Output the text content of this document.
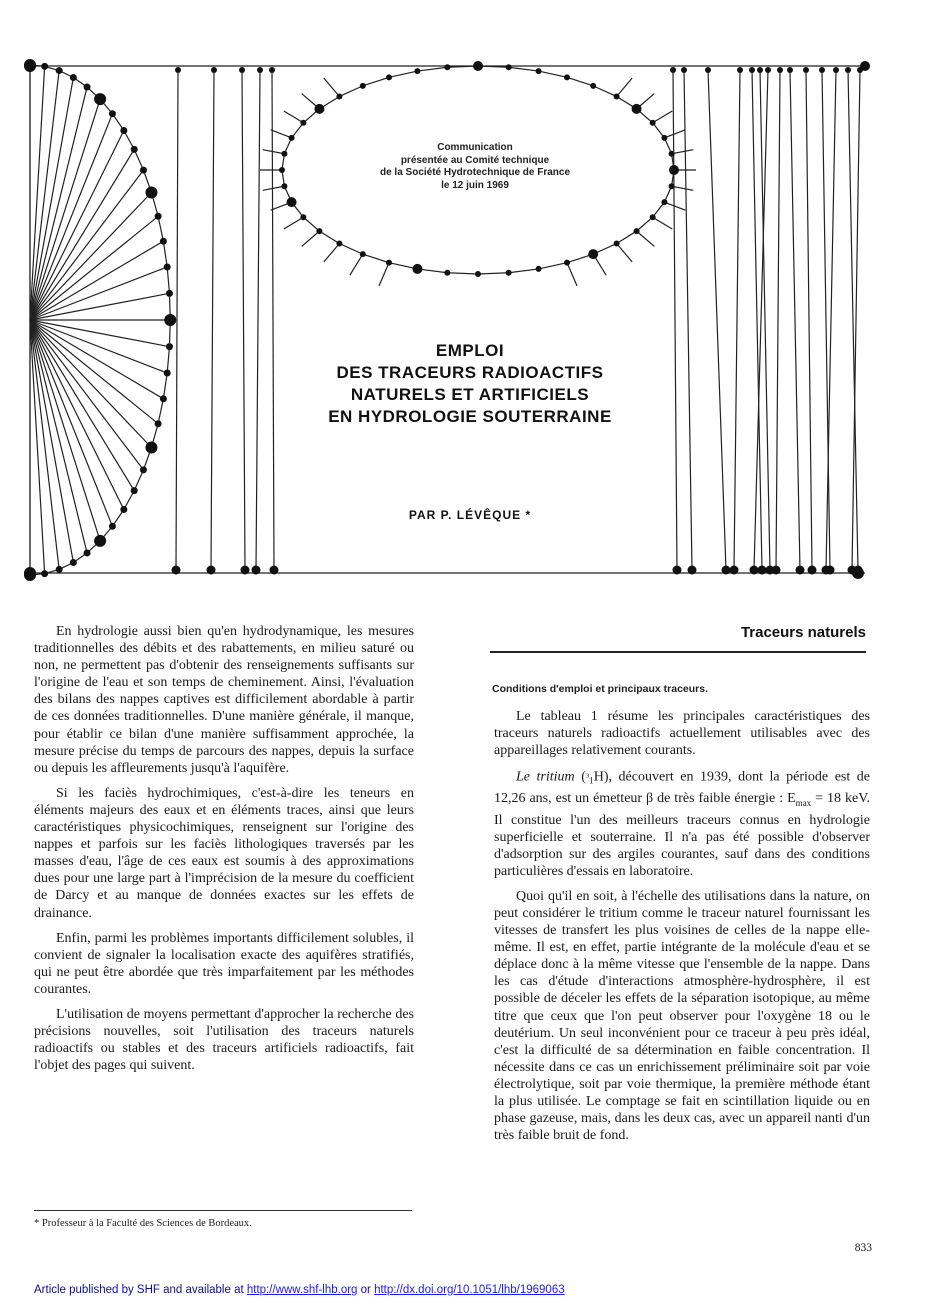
Communication
présentée au Comité technique
de la Société Hydrotechnique de France
le 12 juin 1969
EMPLOI
DES TRACEURS RADIOACTIFS
NATURELS ET ARTIFICIELS
EN HYDROLOGIE SOUTERRAINE
PAR P. LÉVÊQUE *

En hydrologie aussi bien qu'en hydrodynamique, les mesures traditionnelles des débits et des rabattements, en milieu saturé ou non, ne permettent pas d'obtenir des renseignements suffisants sur l'origine de l'eau et son temps de cheminement. Ainsi, l'évaluation des bilans des nappes captives est difficilement abordable à partir de ces données traditionnelles. D'une manière générale, il manque, pour établir ce bilan d'une manière suffisamment approchée, la mesure précise du temps de parcours des nappes, depuis la surface ou depuis les affleurements jusqu'à l'aquifère.

Si les faciès hydrochimiques, c'est-à-dire les teneurs en éléments majeurs des eaux et en éléments traces, ainsi que leurs caractéristiques physicochimiques, renseignent sur l'origine des nappes et parfois sur les faciès lithologiques traversés par les masses d'eau, l'âge de ces eaux est soumis à des approximations dues pour une large part à l'imprécision de la mesure du coefficient de Darcy et au manque de données exactes sur les effets de drainance.

Enfin, parmi les problèmes importants difficilement solubles, il convient de signaler la localisation exacte des aquifères stratifiés, qui ne peut être abordée que très imparfaitement par les méthodes courantes.

L'utilisation de moyens permettant d'approcher la recherche des précisions nouvelles, soit l'utilisation des traceurs naturels radioactifs ou stables et des traceurs artificiels radioactifs, fait l'objet des pages qui suivent.

* Professeur à la Faculté des Sciences de Bordeaux.
Traceurs naturels
Conditions d'emploi et principaux traceurs.

Le tableau 1 résume les principales caractéristiques des traceurs naturels radioactifs actuellement utilisables avec des appareillages relativement courants.

Le tritium ($^3_1$H), découvert en 1939, dont la période est de 12,26 ans, est un émetteur β de très faible énergie : $E_{max} = 18$ keV. Il constitue l'un des meilleurs traceurs connus en hydrologie superficielle et souterraine. Il n'a pas été possible d'observer d'adsorption sur des argiles courantes, sauf dans des conditions particulières d'essais en laboratoire.

Quoi qu'il en soit, à l'échelle des utilisations dans la nature, on peut considérer le tritium comme le traceur naturel fournissant les vitesses de transfert les plus voisines de celles de la nappe elle-même. Il est, en effet, partie intégrante de la molécule d'eau et se déplace donc à la même vitesse que l'ensemble de la nappe. Dans les cas d'étude d'interactions atmosphère-hydrosphère, il est possible de déceler les effets de la séparation isotopique, au même titre que ceux que l'on peut observer pour l'oxygène 18 ou le deutérium. Un seul inconvénient pour ce traceur à peu près idéal, c'est la difficulté de sa détermination en faible concentration. Il nécessite dans ce cas un enrichissement préliminaire soit par voie électrolytique, soit par voie thermique, la première méthode étant la plus utilisée. Le comptage se fait en scintillation liquide ou en phase gazeuse, mais, dans les deux cas, avec un appareil nanti d'un très faible bruit de fond.

833
Article published by SHF and available at http://www.shf-lhb.org or http://dx.doi.org/10.1051/lhb/1969063
